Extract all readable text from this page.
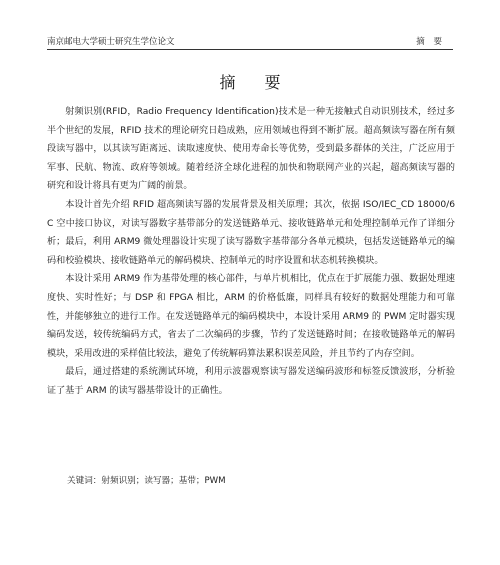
南京邮电大学硕士研究生学位论文	摘 要
摘 要

射频识别(RFID，Radio Frequency Identification)技术是一种无接触式自动识别技术，经过多半个世纪的发展，RFID 技术的理论研究日趋成熟，应用领域也得到不断扩展。超高频读写器在所有频段读写器中，以其读写距离远、读取速度快、使用寿命长等优势，受到最多群体的关注，广泛应用于军事、民航、物流、政府等领域。随着经济全球化进程的加快和物联网产业的兴起，超高频读写器的研究和设计将具有更为广阔的前景。

本设计首先介绍 RFID 超高频读写器的发展背景及相关原理；其次，依据 ISO/IEC_CD 18000/6C 空中接口协议，对读写器数字基带部分的发送链路单元、接收链路单元和处理控制单元作了详细分析；最后，利用 ARM9 微处理器设计实现了读写器数字基带部分各单元模块，包括发送链路单元的编码和校验模块、接收链路单元的解码模块、控制单元的时序设置和状态机转换模块。

本设计采用 ARM9 作为基带处理的核心部件，与单片机相比，优点在于扩展能力强、数据处理速度快、实时性好；与 DSP 和 FPGA 相比，ARM 的价格低廉，同样具有较好的数据处理能力和可靠性，并能够独立的进行工作。在发送链路单元的编码模块中，本设计采用 ARM9 的 PWM 定时器实现编码发送，较传统编码方式，省去了二次编码的步骤，节约了发送链路时间；在接收链路单元的解码模块，采用改进的采样值比较法，避免了传统解码算法累积误差风险，并且节约了内存空间。

最后，通过搭建的系统测试环境，利用示波器观察读写器发送编码波形和标签反馈波形，分析验证了基于 ARM 的读写器基带设计的正确性。

关键词：射频识别；读写器；基带；PWM
